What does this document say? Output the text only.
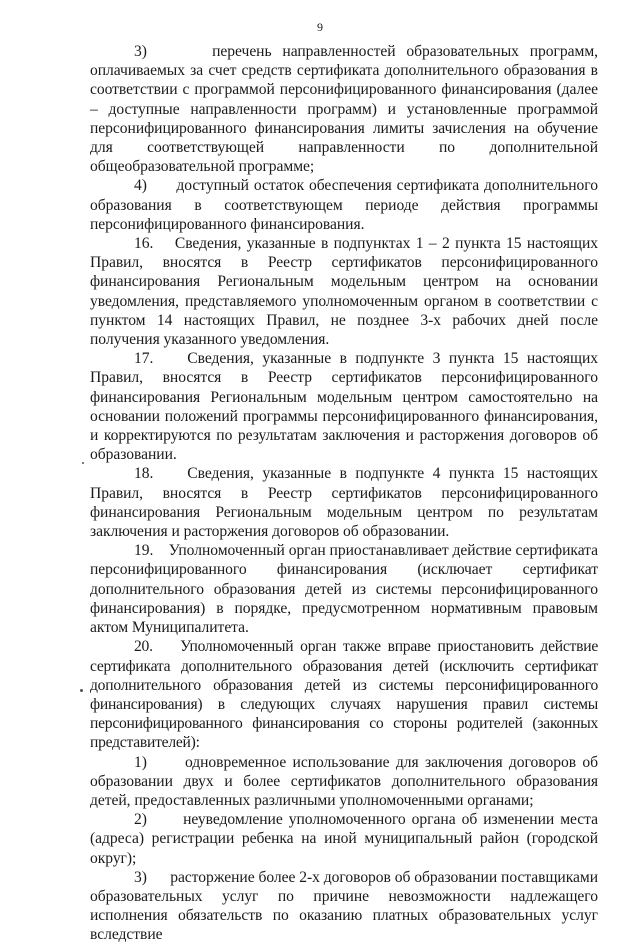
9

3)      перечень направленностей образовательных программ, оплачиваемых за счет средств сертификата дополнительного образования в соответствии с программой персонифицированного финансирования (далее – доступные направленности программ) и установленные программой персонифицированного финансирования лимиты зачисления на обучение для соответствующей направленности по дополнительной общеобразовательной программе;

4)      доступный остаток обеспечения сертификата дополнительного образования в соответствующем периоде действия программы персонифицированного финансирования.

16.    Сведения, указанные в подпунктах 1 – 2 пункта 15 настоящих Правил, вносятся в Реестр сертификатов персонифицированного финансирования Региональным модельным центром на основании уведомления, представляемого уполномоченным органом в соответствии с пунктом 14 настоящих Правил, не позднее 3-х рабочих дней после получения указанного уведомления.

17.    Сведения, указанные в подпункте 3 пункта 15 настоящих Правил, вносятся в Реестр сертификатов персонифицированного финансирования Региональным модельным центром самостоятельно на основании положений программы персонифицированного финансирования, и корректируются по результатам заключения и расторжения договоров об образовании.

18.    Сведения, указанные в подпункте 4 пункта 15 настоящих Правил, вносятся в Реестр сертификатов персонифицированного финансирования Региональным модельным центром по результатам заключения и расторжения договоров об образовании.

19.    Уполномоченный орган приостанавливает действие сертификата персонифицированного финансирования (исключает сертификат дополнительного образования детей из системы персонифицированного финансирования) в порядке, предусмотренном нормативным правовым актом Муниципалитета.

20.    Уполномоченный орган также вправе приостановить действие сертификата дополнительного образования детей (исключить сертификат дополнительного образования детей из системы персонифицированного финансирования) в следующих случаях нарушения правил системы персонифицированного финансирования со стороны родителей (законных представителей):

1)      одновременное использование для заключения договоров об образовании двух и более сертификатов дополнительного образования детей, предоставленных различными уполномоченными органами;

2)      неуведомление уполномоченного органа об изменении места (адреса) регистрации ребенка на иной муниципальный район (городской округ);

3)      расторжение более 2-х договоров об образовании поставщиками образовательных услуг по причине невозможности надлежащего исполнения обязательств по оказанию платных образовательных услуг вследствие
